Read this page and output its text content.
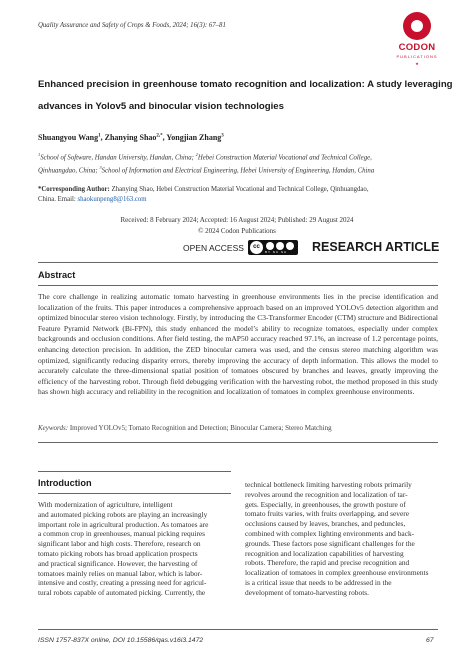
Quality Assurance and Safety of Crops & Foods, 2024; 16(3): 67–81
CODON
PUBLICATIONS
★
Enhanced precision in greenhouse tomato recognition and localization: A study leveraging
advances in Yolov5 and binocular vision technologies
Shuangyou Wang$^1$, Zhanying Shao$^{2,*}$, Yongjian Zhang$^3$
$^1$School of Software, Handan University, Handan, China; $^2$Hebei Construction Material Vocational and Technical College,
Qinhuangdao, China; $^3$School of Information and Electrical Engineering, Hebei University of Engineering, Handan, China
*Corresponding Author: Zhanying Shao, Hebei Construction Material Vocational and Technical College, Qinhuangdao,
China. Email: shaokunpeng8@163.com
Received: 8 February 2024; Accepted: 16 August 2024; Published: 29 August 2024
© 2024 Codon Publications
OPEN ACCESS	cc
BY NC SA RESEARCH ARTICLE
Abstract
The core challenge in realizing automatic tomato harvesting in greenhouse environments lies in the precise identification and localization of the fruits. This paper introduces a comprehensive approach based on an improved YOLOv5 detection algorithm and optimized binocular stereo vision technology. Firstly, by introducing the C3-Transformer Encoder (CTM) structure and Bidirectional Feature Pyramid Network (Bi-FPN), this study enhanced the model’s ability to recognize tomatoes, especially under complex backgrounds and occlusion conditions. After field testing, the mAP50 accuracy reached 97.1%, an increase of 1.2 percentage points, enhancing detection precision. In addition, the ZED binocular camera was used, and the census stereo matching algorithm was optimized, significantly reducing disparity errors, thereby improving the accuracy of depth information. This allows the model to accurately calculate the three-dimensional spatial position of tomatoes obscured by branches and leaves, greatly improving the efficiency of the harvesting robot. Through field debugging verification with the harvesting robot, the method proposed in this study has shown high accuracy and reliability in the recognition and localization of tomatoes in complex greenhouse environments.
Keywords: Improved YOLOv5; Tomato Recognition and Detection; Binocular Camera; Stereo Matching
Introduction
With modernization of agriculture, intelligent
and automated picking robots are playing an increasingly
important role in agricultural production. As tomatoes are
a common crop in greenhouses, manual picking requires
significant labor and high costs. Therefore, research on
tomato picking robots has broad application prospects
and practical significance. However, the harvesting of
tomatoes mainly relies on manual labor, which is labor-
intensive and costly, creating a pressing need for agricul-
tural robots capable of automated picking. Currently, the
technical bottleneck limiting harvesting robots primarily
revolves around the recognition and localization of tar-
gets. Especially, in greenhouses, the growth posture of
tomato fruits varies, with fruits overlapping, and severe
occlusions caused by leaves, branches, and peduncles,
combined with complex lighting environments and back-
grounds. These factors pose significant challenges for the
recognition and localization capabilities of harvesting
robots. Therefore, the rapid and precise recognition and
localization of tomatoes in complex greenhouse environments
is a critical issue that needs to be addressed in the
development of tomato-harvesting robots.
ISSN 1757-837X online, DOI 10.15586/qas.v16i3.1472	67
